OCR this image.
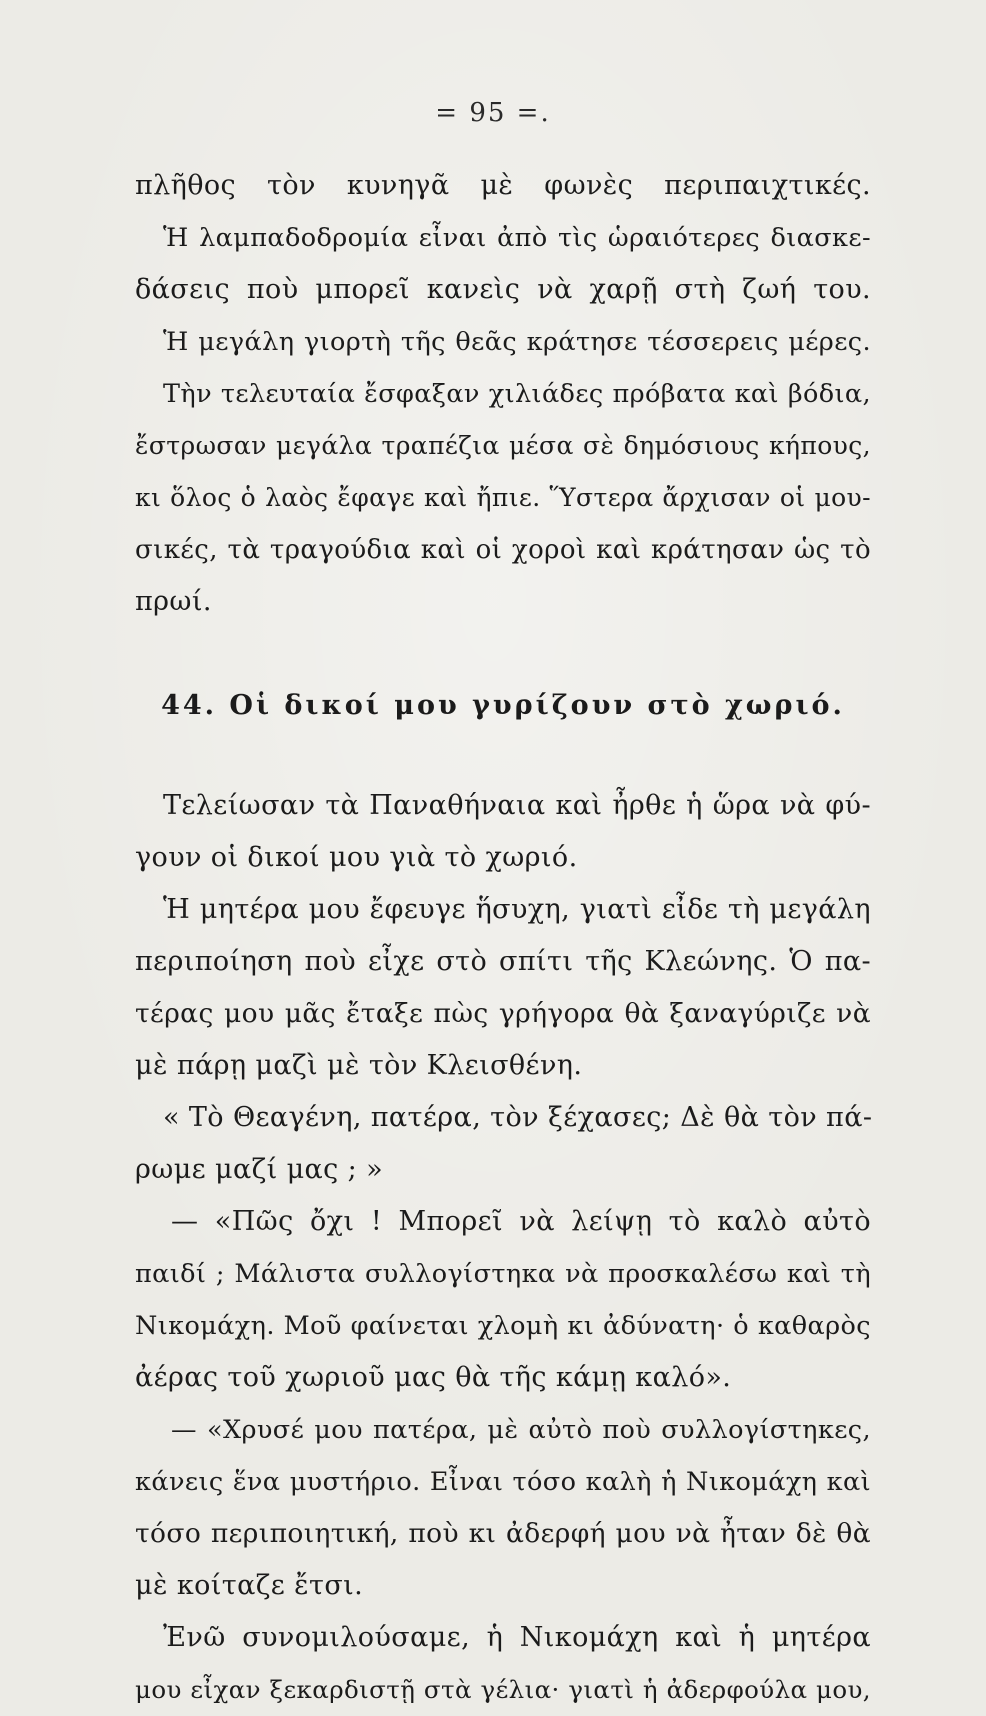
= 95 =.
πλῆθος τὸν κυνηγᾶ μὲ φωνὲς περιπαιχτικές.
Ἡ λαμπαδοδρομία εἶναι ἀπὸ τὶς ὡραιότερες διασκε-
δάσεις ποὺ μπορεῖ κανεὶς νὰ χαρῇ στὴ ζωή του.
Ἡ μεγάλη γιορτὴ τῆς θεᾶς κράτησε τέσσερεις μέρες.
Τὴν τελευταία ἔσφαξαν χιλιάδες πρόβατα καὶ βόδια,
ἔστρωσαν μεγάλα τραπέζια μέσα σὲ δημόσιους κήπους,
κι ὅλος ὁ λαὸς ἔφαγε καὶ ἤπιε. Ὕστερα ἄρχισαν οἱ μου-
σικές, τὰ τραγούδια καὶ οἱ χοροὶ καὶ κράτησαν ὡς τὸ
πρωί.
44. Οἱ δικοί μου γυρίζουν στὸ χωριό.
Τελείωσαν τὰ Παναθήναια καὶ ἦρθε ἡ ὥρα νὰ φύ-
γουν οἱ δικοί μου γιὰ τὸ χωριό.
Ἡ μητέρα μου ἔφευγε ἥσυχη, γιατὶ εἶδε τὴ μεγάλη
περιποίηση ποὺ εἶχε στὸ σπίτι τῆς Κλεώνης. Ὁ πα-
τέρας μου μᾶς ἔταξε πὼς γρήγορα θὰ ξαναγύριζε νὰ
μὲ πάρῃ μαζὶ μὲ τὸν Κλεισθένη.
« Τὸ Θεαγένη, πατέρα, τὸν ξέχασες; Δὲ θὰ τὸν πά-
ρωμε μαζί μας ; »
— «Πῶς ὄχι ! Μπορεῖ νὰ λείψῃ τὸ καλὸ αὐτὸ
παιδί ; Μάλιστα συλλογίστηκα νὰ προσκαλέσω καὶ τὴ
Νικομάχη. Μοῦ φαίνεται χλομὴ κι ἀδύνατη· ὁ καθαρὸς
ἀέρας τοῦ χωριοῦ μας θὰ τῆς κάμῃ καλό».
— «Χρυσέ μου πατέρα, μὲ αὐτὸ ποὺ συλλογίστηκες,
κάνεις ἕνα μυστήριο. Εἶναι τόσο καλὴ ἡ Νικομάχη καὶ
τόσο περιποιητική, ποὺ κι ἀδερφή μου νὰ ἦταν δὲ θὰ
μὲ κοίταζε ἔτσι.
Ἐνῶ συνομιλούσαμε, ἡ Νικομάχη καὶ ἡ μητέρα
μου εἶχαν ξεκαρδιστῇ στὰ γέλια· γιατὶ ἡ ἀδερφούλα μου,
